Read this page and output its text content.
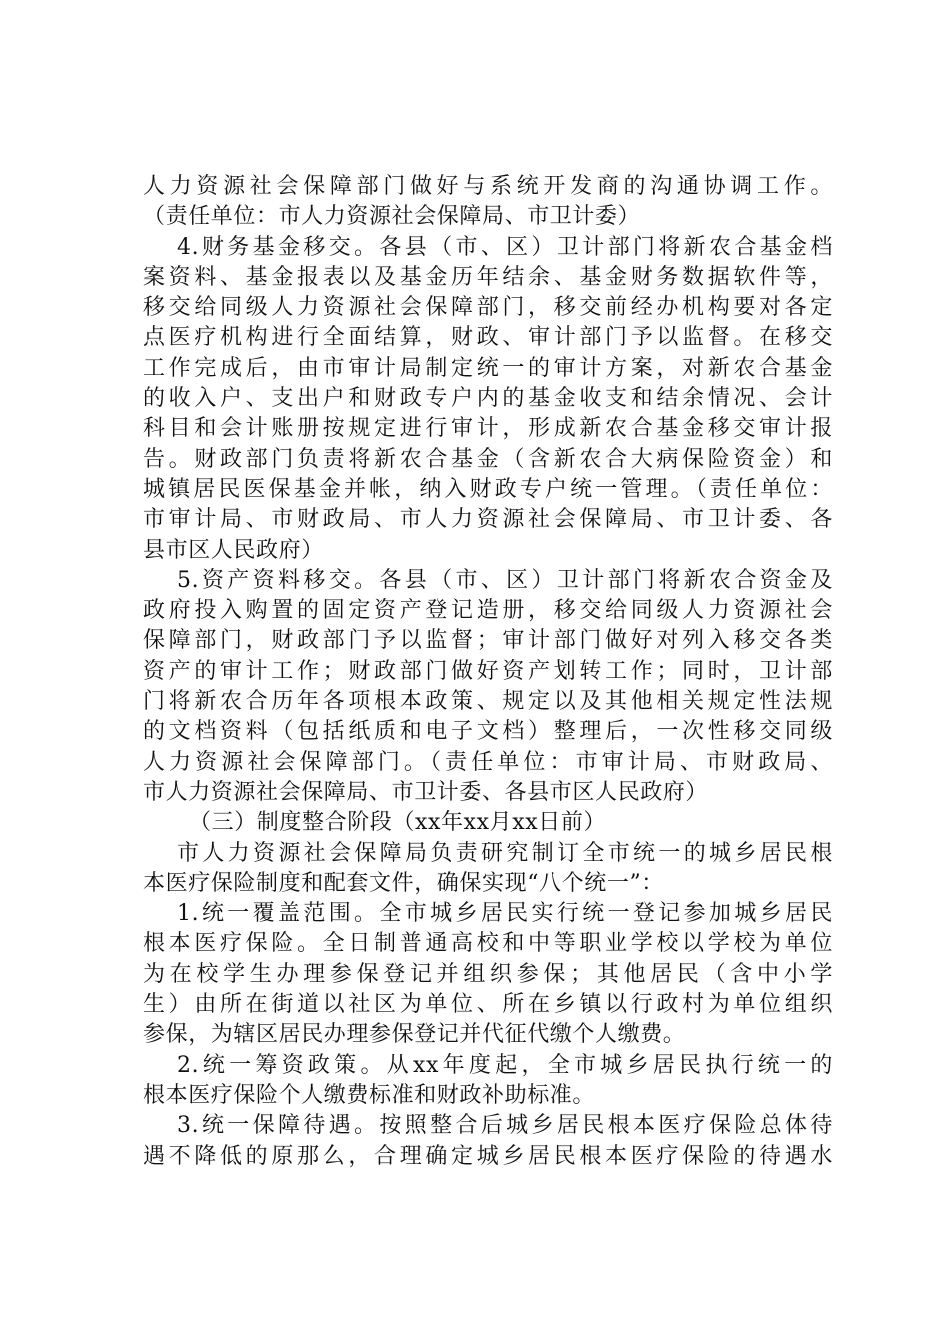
人力资源社会保障部门做好与系统开发商的沟通协调工作。
（责任单位：市人力资源社会保障局、市卫计委）
4.财务基金移交。各县（市、区）卫计部门将新农合基金档
案资料、基金报表以及基金历年结余、基金财务数据软件等，
移交给同级人力资源社会保障部门，移交前经办机构要对各定
点医疗机构进行全面结算，财政、审计部门予以监督。在移交
工作完成后，由市审计局制定统一的审计方案，对新农合基金
的收入户、支出户和财政专户内的基金收支和结余情况、会计
科目和会计账册按规定进行审计，形成新农合基金移交审计报
告。财政部门负责将新农合基金（含新农合大病保险资金）和
城镇居民医保基金并帐，纳入财政专户统一管理。（责任单位：
市审计局、市财政局、市人力资源社会保障局、市卫计委、各
县市区人民政府）
5.资产资料移交。各县（市、区）卫计部门将新农合资金及
政府投入购置的固定资产登记造册，移交给同级人力资源社会
保障部门，财政部门予以监督；审计部门做好对列入移交各类
资产的审计工作；财政部门做好资产划转工作；同时，卫计部
门将新农合历年各项根本政策、规定以及其他相关规定性法规
的文档资料（包括纸质和电子文档）整理后，一次性移交同级
人力资源社会保障部门。（责任单位：市审计局、市财政局、
市人力资源社会保障局、市卫计委、各县市区人民政府）
（三）制度整合阶段（xx年xx月xx日前）
市人力资源社会保障局负责研究制订全市统一的城乡居民根
本医疗保险制度和配套文件，确保实现“八个统一”：
1.统一覆盖范围。全市城乡居民实行统一登记参加城乡居民
根本医疗保险。全日制普通高校和中等职业学校以学校为单位
为在校学生办理参保登记并组织参保；其他居民（含中小学
生）由所在街道以社区为单位、所在乡镇以行政村为单位组织
参保，为辖区居民办理参保登记并代征代缴个人缴费。
2.统一筹资政策。从xx年度起，全市城乡居民执行统一的
根本医疗保险个人缴费标准和财政补助标准。
3.统一保障待遇。按照整合后城乡居民根本医疗保险总体待
遇不降低的原那么，合理确定城乡居民根本医疗保险的待遇水
